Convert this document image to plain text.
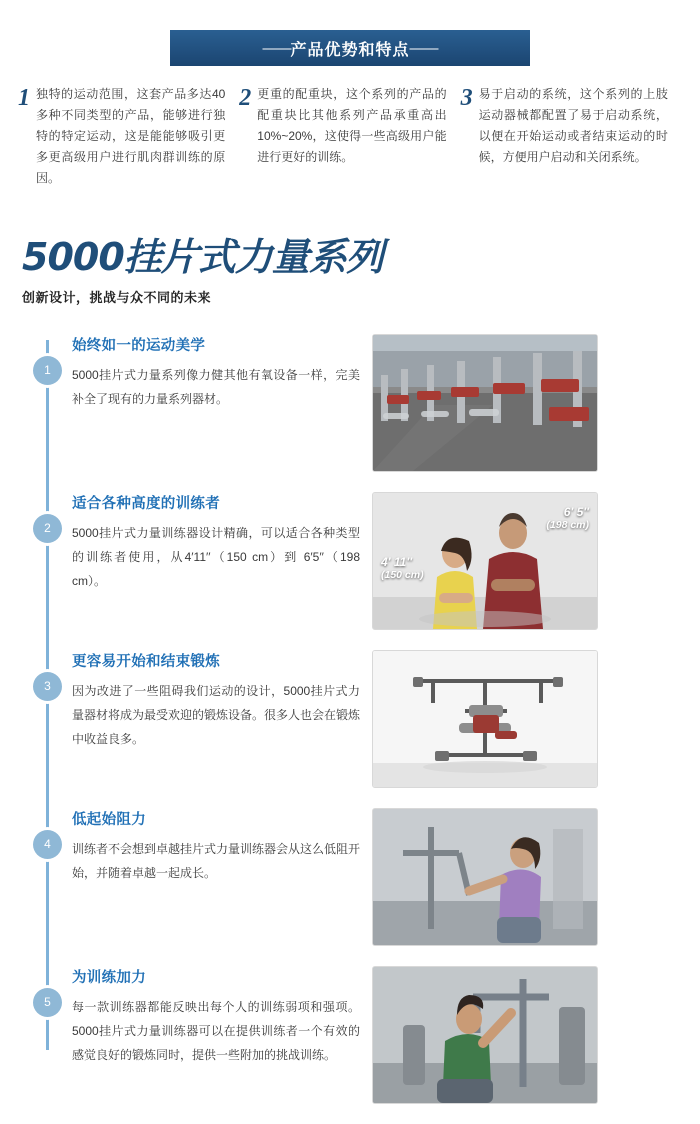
—— 产品优势和特点 ——
1 独特的运动范围，这套产品多达40多种不同类型的产品，能够进行独特的特定运动，这是能能够吸引更多更高级用户进行肌肉群训练的原因。
2 更重的配重块，这个系列的产品的配重块比其他系列产品承重高出10%~20%，这使得一些高级用户能进行更好的训练。
3 易于启动的系统，这个系列的上肢运动器械都配置了易于启动系统，以便在开始运动或者结束运动的时候，方便用户启动和关闭系统。
5000挂片式力量系列
创新设计，挑战与众不同的未来
1
始终如一的运动美学
5000挂片式力量系列像力健其他有氧设备一样，完美补全了现有的力量系列器材。
2
适合各种高度的训练者
5000挂片式力量训练器设计精确，可以适合各种类型的训练者使用，从4′11′′（150 cm）到 6′5′′（198 cm）。
6′ 5″
(198 cm)
4′ 11″
(150 cm)
3
更容易开始和结束锻炼
因为改进了一些阻碍我们运动的设计，5000挂片式力量器材将成为最受欢迎的锻炼设备。很多人也会在锻炼中收益良多。
4
低起始阻力
训练者不会想到卓越挂片式力量训练器会从这么低阻开始，并随着卓越一起成长。
5
为训练加力
每一款训练器都能反映出每个人的训练弱项和强项。5000挂片式力量训练器可以在提供训练者一个有效的感觉良好的锻炼同时，提供一些附加的挑战训练。
